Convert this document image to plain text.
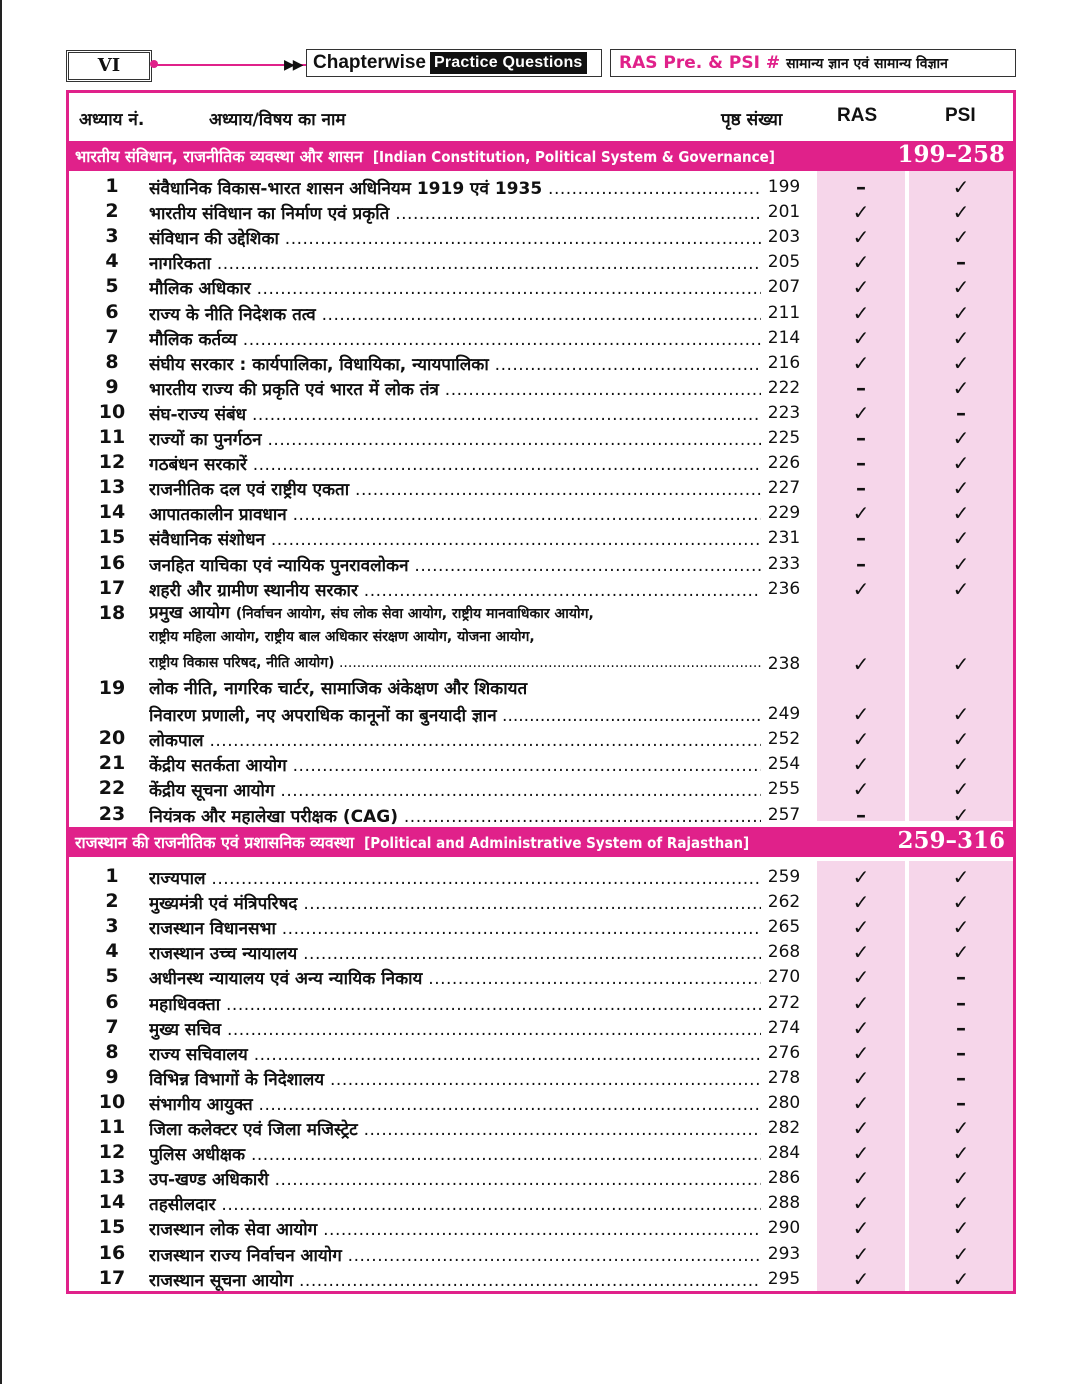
VI	▶▶ Chapterwise Practice Questions RAS Pre. & PSI # सामान्य ज्ञान एवं सामान्य विज्ञान
अध्याय नं.	अध्याय/विषय का नाम	पृष्ठ संख्या	RAS	PSI
भारतीय संविधान, राजनीतिक व्यवस्था और शासन [Indian Constitution, Political System & Governance]	199–258
1	संवैधानिक विकास-भारत शासन अधिनियम 1919 एवं 1935 .....	199	–	✓
2	भारतीय संविधान का निर्माण एवं प्रकृति .....	201	✓	✓
3	संविधान की उद्देशिका .....	203	✓	✓
4	नागरिकता .....	205	✓	–
5	मौलिक अधिकार .....	207	✓	✓
6	राज्य के नीति निदेशक तत्व .....	211	✓	✓
7	मौलिक कर्तव्य .....	214	✓	✓
8	संघीय सरकार : कार्यपालिका, विधायिका, न्यायपालिका .....	216	✓	✓
9	भारतीय राज्य की प्रकृति एवं भारत में लोक तंत्र .....	222	–	✓
10	संघ-राज्य संबंध .....	223	✓	–
11	राज्यों का पुनर्गठन .....	225	–	✓
12	गठबंधन सरकारें .....	226	–	✓
13	राजनीतिक दल एवं राष्ट्रीय एकता .....	227	–	✓
14	आपातकालीन प्रावधान .....	229	✓	✓
15	संवैधानिक संशोधन .....	231	–	✓
16	जनहित याचिका एवं न्यायिक पुनरावलोकन .....	233	–	✓
17	शहरी और ग्रामीण स्थानीय सरकार .....	236	✓	✓
18	प्रमुख आयोग (निर्वाचन आयोग, संघ लोक सेवा आयोग, राष्ट्रीय मानवाधिकार आयोग,
राष्ट्रीय महिला आयोग, राष्ट्रीय बाल अधिकार संरक्षण आयोग, योजना आयोग,
राष्ट्रीय विकास परिषद, नीति आयोग) .....	238	✓	✓
19	लोक नीति, नागरिक चार्टर, सामाजिक अंकेक्षण और शिकायत
निवारण प्रणाली, नए अपराधिक कानूनों का बुनयादी ज्ञान .....	249	✓	✓
20	लोकपाल .....	252	✓	✓
21	केंद्रीय सतर्कता आयोग .....	254	✓	✓
22	केंद्रीय सूचना आयोग .....	255	✓	✓
23	नियंत्रक और महालेखा परीक्षक (CAG) .....	257	–	✓
राजस्थान की राजनीतिक एवं प्रशासनिक व्यवस्था [Political and Administrative System of Rajasthan]	259–316
1	राज्यपाल .....	259	✓	✓
2	मुख्यमंत्री एवं मंत्रिपरिषद .....	262	✓	✓
3	राजस्थान विधानसभा .....	265	✓	✓
4	राजस्थान उच्च न्यायालय .....	268	✓	✓
5	अधीनस्थ न्यायालय एवं अन्य न्यायिक निकाय .....	270	✓	–
6	महाधिवक्ता .....	272	✓	–
7	मुख्य सचिव .....	274	✓	–
8	राज्य सचिवालय .....	276	✓	–
9	विभिन्न विभागों के निदेशालय .....	278	✓	–
10	संभागीय आयुक्त .....	280	✓	–
11	जिला कलेक्टर एवं जिला मजिस्ट्रेट .....	282	✓	✓
12	पुलिस अधीक्षक .....	284	✓	✓
13	उप-खण्ड अधिकारी .....	286	✓	✓
14	तहसीलदार .....	288	✓	✓
15	राजस्थान लोक सेवा आयोग .....	290	✓	✓
16	राजस्थान राज्य निर्वाचन आयोग .....	293	✓	✓
17	राजस्थान सूचना आयोग .....	295	✓	✓
